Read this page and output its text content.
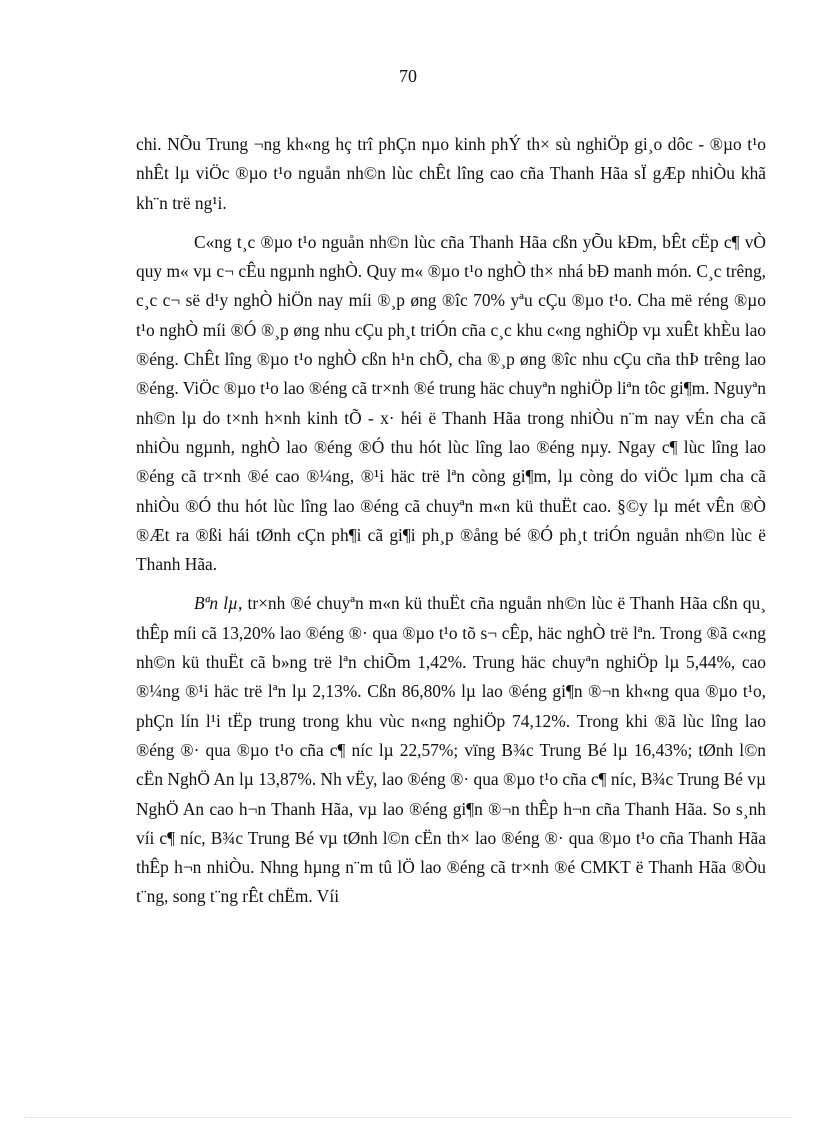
70

chi. NÕu Trung ¬ng kh«ng hç trî phÇn nµo kinh phÝ th× sù nghiÖp gi¸o dôc - ®µo t¹o nhÊt lµ viÖc ®µo t¹o nguån nh©n lùc chÊt lîng cao cña Thanh Hãa sÏ gÆp nhiÒu khã kh¨n trë ng¹i.

C«ng t¸c ®µo t¹o nguån nh©n lùc cña Thanh Hãa cßn yÕu kÐm, bÊt cËp c¶ vÒ quy m« vµ c¬ cÊu ngµnh nghÒ. Quy m« ®µo t¹o nghÒ th× nhá bÐ manh món. C¸c trêng, c¸c c¬ së d¹y nghÒ hiÖn nay míi ®¸p øng ®îc 70% yªu cÇu ®µo t¹o. Cha më réng ®µo t¹o nghÒ míi ®Ó ®¸p øng nhu cÇu ph¸t triÓn cña c¸c khu c«ng nghiÖp vµ xuÊt khÈu lao ®éng. ChÊt lîng ®µo t¹o nghÒ cßn h¹n chÕ, cha ®¸p øng ®îc nhu cÇu cña thÞ trêng lao ®éng. ViÖc ®µo t¹o lao ®éng cã tr×nh ®é trung häc chuyªn nghiÖp liªn tôc gi¶m. Nguyªn nh©n lµ do t×nh h×nh kinh tÕ - x· héi ë Thanh Hãa trong nhiÒu n¨m nay vÉn cha cã nhiÒu ngµnh, nghÒ lao ®éng ®Ó thu hót lùc lîng lao ®éng nµy. Ngay c¶ lùc lîng lao ®éng cã tr×nh ®é cao ®¼ng, ®¹i häc trë lªn còng gi¶m, lµ còng do viÖc lµm cha cã nhiÒu ®Ó thu hót lùc lîng lao ®éng cã chuyªn m«n kü thuËt cao. §©y lµ mét vÊn ®Ò ®Æt ra ®ßi hái tØnh cÇn ph¶i cã gi¶i ph¸p ®ång bé ®Ó ph¸t triÓn nguån nh©n lùc ë Thanh Hãa.

Bªn lµ, tr×nh ®é chuyªn m«n kü thuËt cña nguån nh©n lùc ë Thanh Hãa cßn qu¸ thÊp míi cã 13,20% lao ®éng ®· qua ®µo t¹o tõ s¬ cÊp, häc nghÒ trë lªn. Trong ®ã c«ng nh©n kü thuËt cã b»ng trë lªn chiÕm 1,42%. Trung häc chuyªn nghiÖp lµ 5,44%, cao ®¼ng ®¹i häc trë lªn lµ 2,13%. Cßn 86,80% lµ lao ®éng gi¶n ®¬n kh«ng qua ®µo t¹o, phÇn lín l¹i tËp trung trong khu vùc n«ng nghiÖp 74,12%. Trong khi ®ã lùc lîng lao ®éng ®· qua ®µo t¹o cña c¶ níc lµ 22,57%; vïng B¾c Trung Bé lµ 16,43%; tØnh l©n cËn NghÖ An lµ 13,87%. Nh vËy, lao ®éng ®· qua ®µo t¹o cña c¶ níc, B¾c Trung Bé vµ NghÖ An cao h¬n Thanh Hãa, vµ lao ®éng gi¶n ®¬n thÊp h¬n cña Thanh Hãa. So s¸nh víi c¶ níc, B¾c Trung Bé vµ tØnh l©n cËn th× lao ®éng ®· qua ®µo t¹o cña Thanh Hãa thÊp h¬n nhiÒu. Nhng hµng n¨m tû lÖ lao ®éng cã tr×nh ®é CMKT ë Thanh Hãa ®Òu t¨ng, song t¨ng rÊt chËm. Víi
